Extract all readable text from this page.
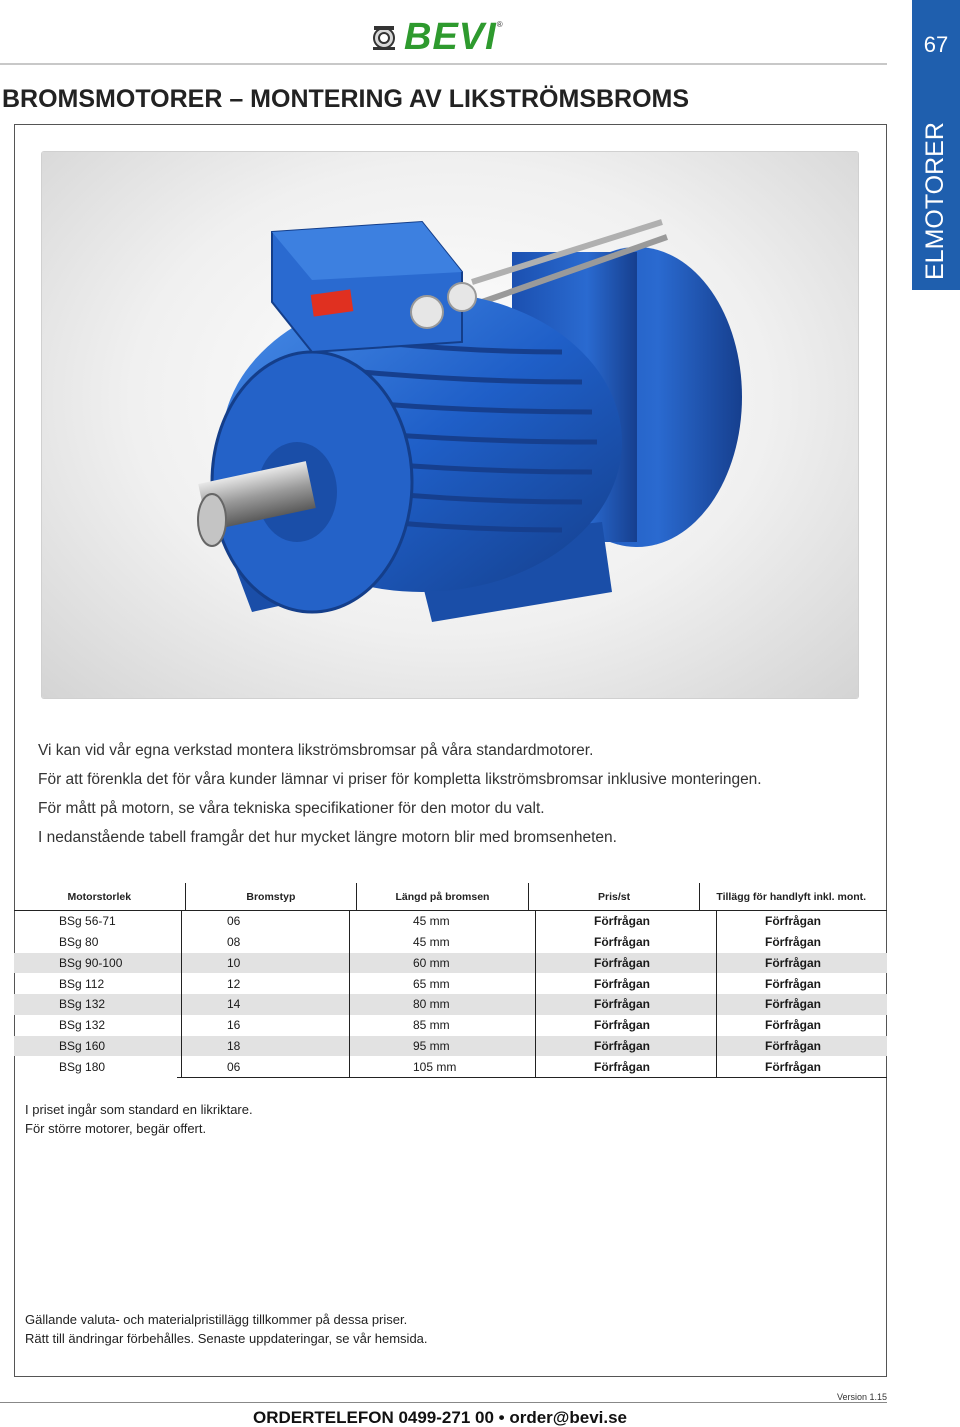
BEVI ®
67
ELMOTORER
BROMSMOTORER – MONTERING AV LIKSTRÖMSBROMS

Vi kan vid vår egna verkstad montera likströmsbromsar på våra standardmotorer.

För att förenkla det för våra kunder lämnar vi priser för kompletta likströmsbromsar inklusive monteringen.

För mått på motorn, se våra tekniska specifikationer för den motor du valt.

I nedanstående tabell framgår det hur mycket längre motorn blir med bromsenheten.

Motorstorlek	Bromstyp	Längd på bromsen	Pris/st	Tillägg för handlyft inkl. mont.
BSg 56-71	06	45 mm	Förfrågan	Förfrågan
BSg 80	08	45 mm	Förfrågan	Förfrågan
BSg 90-100	10	60 mm	Förfrågan	Förfrågan
BSg 112	12	65 mm	Förfrågan	Förfrågan
BSg 132	14	80 mm	Förfrågan	Förfrågan
BSg 132	16	85 mm	Förfrågan	Förfrågan
BSg 160	18	95 mm	Förfrågan	Förfrågan
BSg 180	06	105 mm	Förfrågan	Förfrågan

I priset ingår som standard en likriktare.

För större motorer, begär offert.

Gällande valuta- och materialpristillägg tillkommer på dessa priser.

Rätt till ändringar förbehålles. Senaste uppdateringar, se vår hemsida.

Version 1.15
ORDERTELEFON 0499-271 00 • order@bevi.se
